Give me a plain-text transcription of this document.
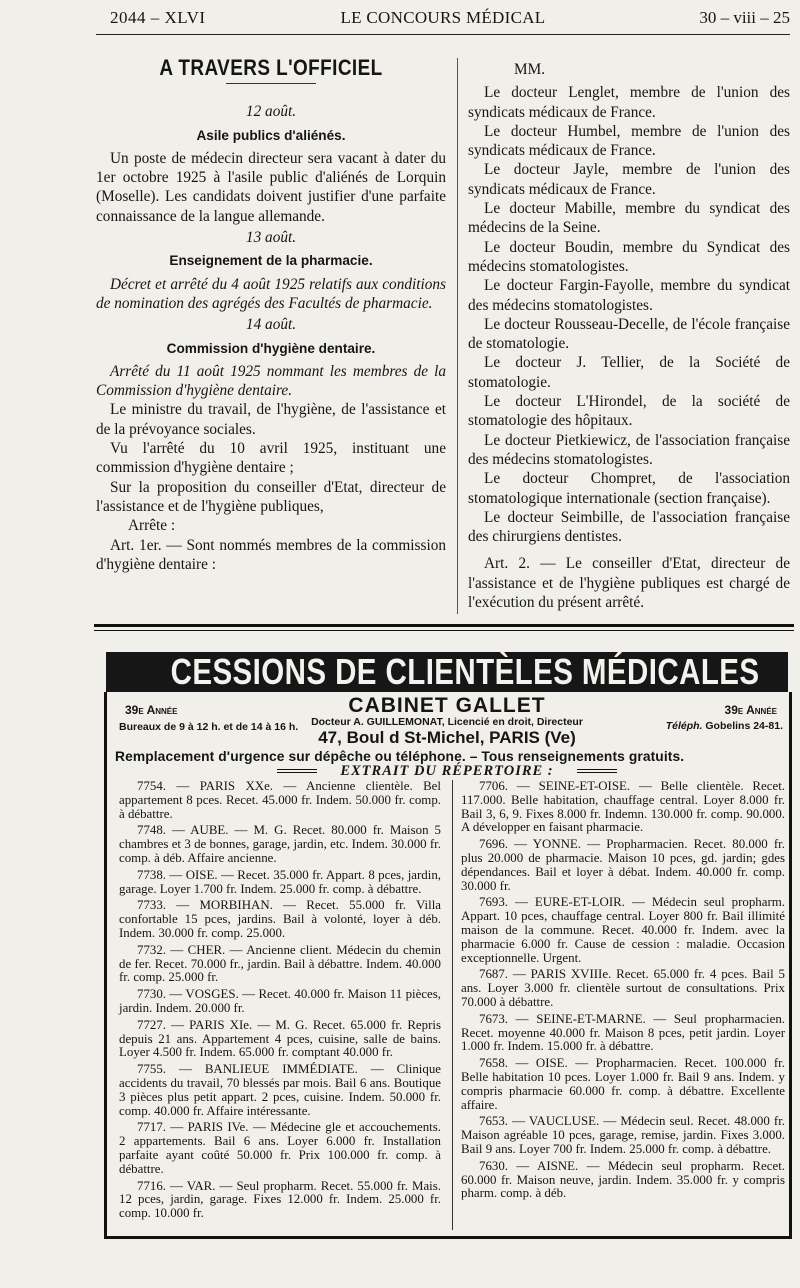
2044 – XLVI	LE CONCOURS MÉDICAL	30 – viii – 25
A TRAVERS L'OFFICIEL
12 août.
Asile publics d'aliénés.

Un poste de médecin directeur sera vacant à dater du 1er octobre 1925 à l'asile public d'aliénés de Lorquin (Moselle). Les candidats doivent justifier d'une parfaite connaissance de la langue allemande.

13 août.
Enseignement de la pharmacie.

Décret et arrêté du 4 août 1925 relatifs aux conditions de nomination des agrégés des Facultés de pharmacie.

14 août.
Commission d'hygiène dentaire.

Arrêté du 11 août 1925 nommant les membres de la Commission d'hygiène dentaire.

Le ministre du travail, de l'hygiène, de l'assistance et de la prévoyance sociales.

Vu l'arrêté du 10 avril 1925, instituant une commission d'hygiène dentaire ;

Sur la proposition du conseiller d'Etat, directeur de l'assistance et de l'hygiène publiques,

Arrête :

Art. 1er. — Sont nommés membres de la commission d'hygiène dentaire :

MM.

Le docteur Lenglet, membre de l'union des syndicats médicaux de France.

Le docteur Humbel, membre de l'union des syndicats médicaux de France.

Le docteur Jayle, membre de l'union des syndicats médicaux de France.

Le docteur Mabille, membre du syndicat des médecins de la Seine.

Le docteur Boudin, membre du Syndicat des médecins stomatologistes.

Le docteur Fargin-Fayolle, membre du syndicat des médecins stomatologistes.

Le docteur Rousseau-Decelle, de l'école française de stomatologie.

Le docteur J. Tellier, de la Société de stomatologie.

Le docteur L'Hirondel, de la société de stomatologie des hôpitaux.

Le docteur Pietkiewicz, de l'association française des médecins stomatologistes.

Le docteur Chompret, de l'association stomatologique internationale (section française).

Le docteur Seimbille, de l'association française des chirurgiens dentistes.

Art. 2. — Le conseiller d'Etat, directeur de l'assistance et de l'hygiène publiques est chargé de l'exécution du présent arrêté.

CESSIONS DE CLIENTÈLES MÉDICALES
39e Année	39e Année
CABINET GALLET
Bureaux de 9 à 12 h. et de 14 à 16 h.	Docteur A. GUILLEMONAT, Licencié en droit, Directeur	Téléph. Gobelins 24-81.
47, Boul d St-Michel, PARIS (Ve)
Remplacement d'urgence sur dépêche ou téléphone. – Tous renseignements gratuits.
EXTRAIT DU RÉPERTOIRE :

7754. — PARIS XXe. — Ancienne clientèle. Bel appartement 8 pces. Recet. 45.000 fr. Indem. 50.000 fr. comp. à débattre.

7748. — AUBE. — M. G. Recet. 80.000 fr. Maison 5 chambres et 3 de bonnes, garage, jardin, etc. Indem. 30.000 fr. comp. à déb. Affaire ancienne.

7738. — OISE. — Recet. 35.000 fr. Appart. 8 pces, jardin, garage. Loyer 1.700 fr. Indem. 25.000 fr. comp. à débattre.

7733. — MORBIHAN. — Recet. 55.000 fr. Villa confortable 15 pces, jardins. Bail à volonté, loyer à déb. Indem. 30.000 fr. comp. 25.000.

7732. — CHER. — Ancienne client. Médecin du chemin de fer. Recet. 70.000 fr., jardin. Bail à débattre. Indem. 40.000 fr. comp. 25.000 fr.

7730. — VOSGES. — Recet. 40.000 fr. Maison 11 pièces, jardin. Indem. 20.000 fr.

7727. — PARIS XIe. — M. G. Recet. 65.000 fr. Repris depuis 21 ans. Appartement 4 pces, cuisine, salle de bains. Loyer 4.500 fr. Indem. 65.000 fr. comptant 40.000 fr.

7755. — BANLIEUE IMMÉDIATE. — Clinique accidents du travail, 70 blessés par mois. Bail 6 ans. Boutique 3 pièces plus petit appart. 2 pces, cuisine. Indem. 50.000 fr. comp. 40.000 fr. Affaire intéressante.

7717. — PARIS IVe. — Médecine gle et accouchements. 2 appartements. Bail 6 ans. Loyer 6.000 fr. Installation parfaite ayant coûté 50.000 fr. Prix 100.000 fr. comp. à débattre.

7716. — VAR. — Seul propharm. Recet. 55.000 fr. Mais. 12 pces, jardin, garage. Fixes 12.000 fr. Indem. 25.000 fr. comp. 10.000 fr.

7706. — SEINE-ET-OISE. — Belle clientèle. Recet. 117.000. Belle habitation, chauffage central. Loyer 8.000 fr. Bail 3, 6, 9. Fixes 8.000 fr. Indemn. 130.000 fr. comp. 90.000. A développer en faisant pharmacie.

7696. — YONNE. — Propharmacien. Recet. 80.000 fr. plus 20.000 de pharmacie. Maison 10 pces, gd. jardin; gdes dépendances. Bail et loyer à débat. Indem. 40.000 fr. comp. 30.000 fr.

7693. — EURE-ET-LOIR. — Médecin seul propharm. Appart. 10 pces, chauffage central. Loyer 800 fr. Bail illimité maison de la commune. Recet. 40.000 fr. Indem. avec la pharmacie 6.000 fr. Cause de cession : maladie. Occasion exceptionnelle. Urgent.

7687. — PARIS XVIIIe. Recet. 65.000 fr. 4 pces. Bail 5 ans. Loyer 3.000 fr. clientèle surtout de consultations. Prix 70.000 à débattre.

7673. — SEINE-ET-MARNE. — Seul propharmacien. Recet. moyenne 40.000 fr. Maison 8 pces, petit jardin. Loyer 1.000 fr. Indem. 15.000 fr. à débattre.

7658. — OISE. — Propharmacien. Recet. 100.000 fr. Belle habitation 10 pces. Loyer 1.000 fr. Bail 9 ans. Indem. y compris pharmacie 60.000 fr. comp. à débattre. Excellente affaire.

7653. — VAUCLUSE. — Médecin seul. Recet. 48.000 fr. Maison agréable 10 pces, garage, remise, jardin. Fixes 3.000. Bail 9 ans. Loyer 700 fr. Indem. 25.000 fr. comp. à débattre.

7630. — AISNE. — Médecin seul propharm. Recet. 60.000 fr. Maison neuve, jardin. Indem. 35.000 fr. y compris pharm. comp. à déb.
